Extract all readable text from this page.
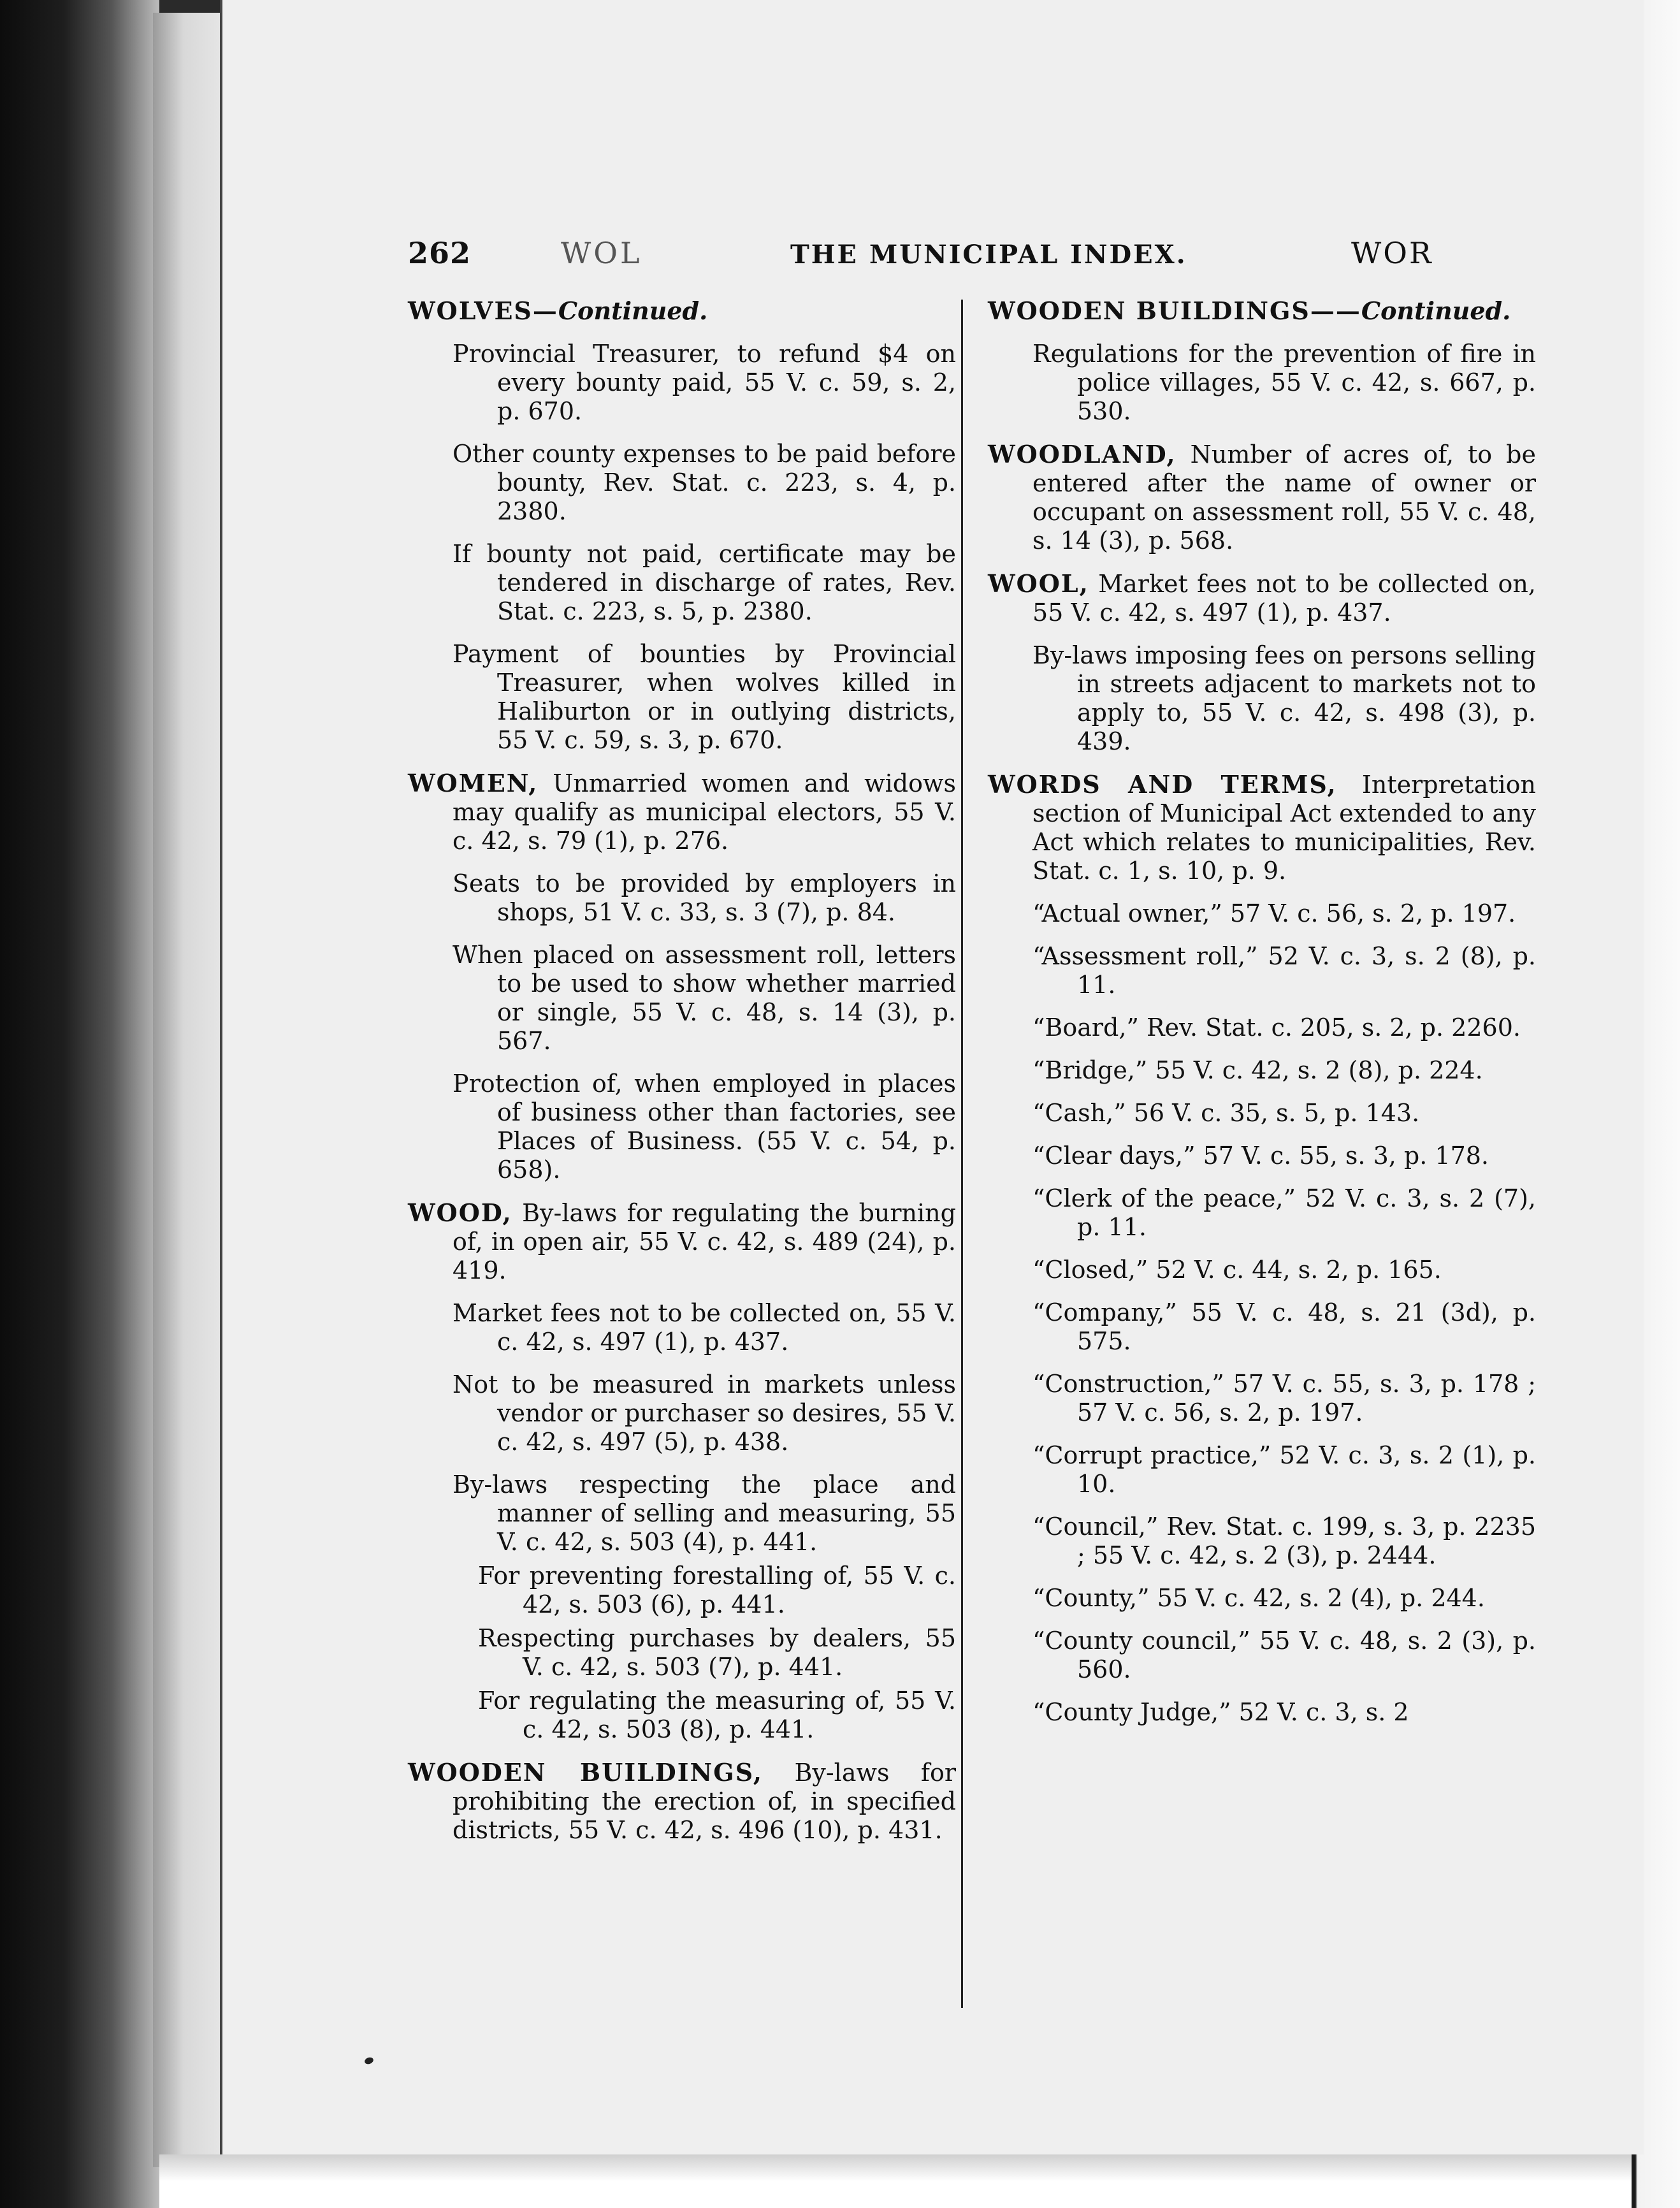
262	WOL	THE MUNICIPAL INDEX.	WOR

WOLVES—Continued.

Provincial Treasurer, to refund $4 on every bounty paid, 55 V. c. 59, s. 2, p. 670.

Other county expenses to be paid before bounty, Rev. Stat. c. 223, s. 4, p. 2380.

If bounty not paid, certificate may be tendered in discharge of rates, Rev. Stat. c. 223, s. 5, p. 2380.

Payment of bounties by Provincial Treasurer, when wolves killed in Haliburton or in outlying districts, 55 V. c. 59, s. 3, p. 670.

WOMEN, Unmarried women and widows may qualify as municipal electors, 55 V. c. 42, s. 79 (1), p. 276.

Seats to be provided by employers in shops, 51 V. c. 33, s. 3 (7), p. 84.

When placed on assessment roll, letters to be used to show whether married or single, 55 V. c. 48, s. 14 (3), p. 567.

Protection of, when employed in places of business other than factories, see Places of Business. (55 V. c. 54, p. 658).

WOOD, By-laws for regulating the burning of, in open air, 55 V. c. 42, s. 489 (24), p. 419.

Market fees not to be collected on, 55 V. c. 42, s. 497 (1), p. 437.

Not to be measured in markets unless vendor or purchaser so desires, 55 V. c. 42, s. 497 (5), p. 438.

By-laws respecting the place and manner of selling and measuring, 55 V. c. 42, s. 503 (4), p. 441.

For preventing forestalling of, 55 V. c. 42, s. 503 (6), p. 441.

Respecting purchases by dealers, 55 V. c. 42, s. 503 (7), p. 441.

For regulating the measuring of, 55 V. c. 42, s. 503 (8), p. 441.

WOODEN BUILDINGS, By-laws for prohibiting the erection of, in specified districts, 55 V. c. 42, s. 496 (10), p. 431.

WOODEN BUILDINGS——Continued.

Regulations for the prevention of fire in police villages, 55 V. c. 42, s. 667, p. 530.

WOODLAND, Number of acres of, to be entered after the name of owner or occupant on assessment roll, 55 V. c. 48, s. 14 (3), p. 568.

WOOL, Market fees not to be collected on, 55 V. c. 42, s. 497 (1), p. 437.

By-laws imposing fees on persons selling in streets adjacent to markets not to apply to, 55 V. c. 42, s. 498 (3), p. 439.

WORDS AND TERMS, Interpretation section of Municipal Act extended to any Act which relates to municipalities, Rev. Stat. c. 1, s. 10, p. 9.

“Actual owner,” 57 V. c. 56, s. 2, p. 197.

“Assessment roll,” 52 V. c. 3, s. 2 (8), p. 11.

“Board,” Rev. Stat. c. 205, s. 2, p. 2260.

“Bridge,” 55 V. c. 42, s. 2 (8), p. 224.

“Cash,” 56 V. c. 35, s. 5, p. 143.

“Clear days,” 57 V. c. 55, s. 3, p. 178.

“Clerk of the peace,” 52 V. c. 3, s. 2 (7), p. 11.

“Closed,” 52 V. c. 44, s. 2, p. 165.

“Company,” 55 V. c. 48, s. 21 (3d), p. 575.

“Construction,” 57 V. c. 55, s. 3, p. 178 ; 57 V. c. 56, s. 2, p. 197.

“Corrupt practice,” 52 V. c. 3, s. 2 (1), p. 10.

“Council,” Rev. Stat. c. 199, s. 3, p. 2235 ; 55 V. c. 42, s. 2 (3), p. 2444.

“County,” 55 V. c. 42, s. 2 (4), p. 244.

“County council,” 55 V. c. 48, s. 2 (3), p. 560.

“County Judge,” 52 V. c. 3, s. 2
